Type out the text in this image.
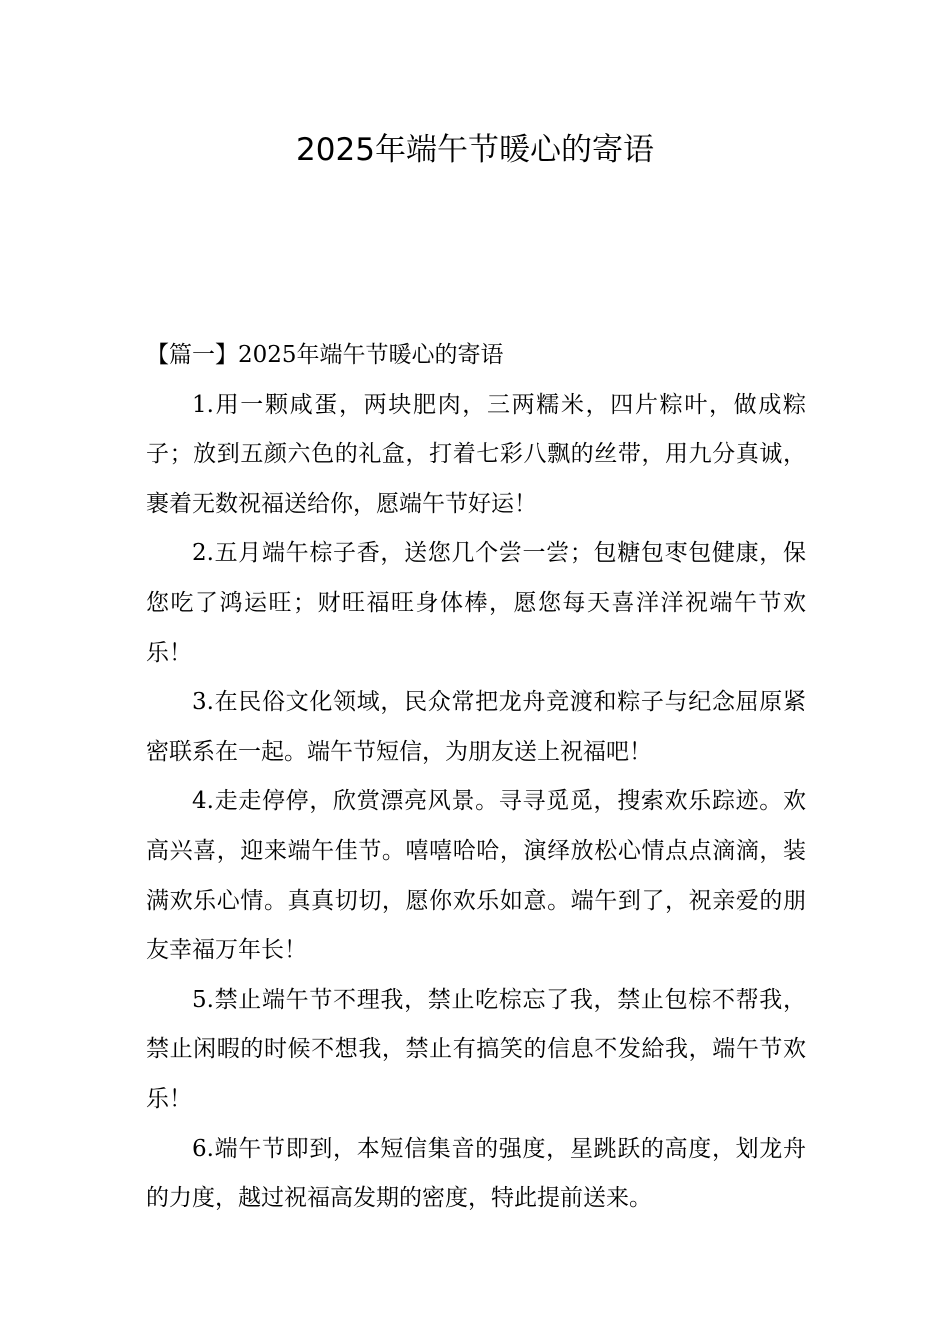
2025年端午节暖心的寄语

【篇一】2025年端午节暖心的寄语

1.用一颗咸蛋，两块肥肉，三两糯米，四片粽叶，做成粽子；放到五颜六色的礼盒，打着七彩八飘的丝带，用九分真诚，裹着无数祝福送给你，愿端午节好运！

2.五月端午棕子香，送您几个尝一尝；包糖包枣包健康，保您吃了鸿运旺；财旺福旺身体棒，愿您每天喜洋洋祝端午节欢乐！

3.在民俗文化领域，民众常把龙舟竞渡和粽子与纪念屈原紧密联系在一起。端午节短信，为朋友送上祝福吧！

4.走走停停，欣赏漂亮风景。寻寻觅觅，搜索欢乐踪迹。欢高兴喜，迎来端午佳节。嘻嘻哈哈，演绎放松心情点点滴滴，装满欢乐心情。真真切切，愿你欢乐如意。端午到了，祝亲爱的朋友幸福万年长！

5.禁止端午节不理我，禁止吃棕忘了我，禁止包棕不帮我，禁止闲暇的时候不想我，禁止有搞笑的信息不发給我，端午节欢乐！

6.端午节即到，本短信集音的强度，星跳跃的高度，划龙舟的力度，越过祝福高发期的密度，特此提前送来。
